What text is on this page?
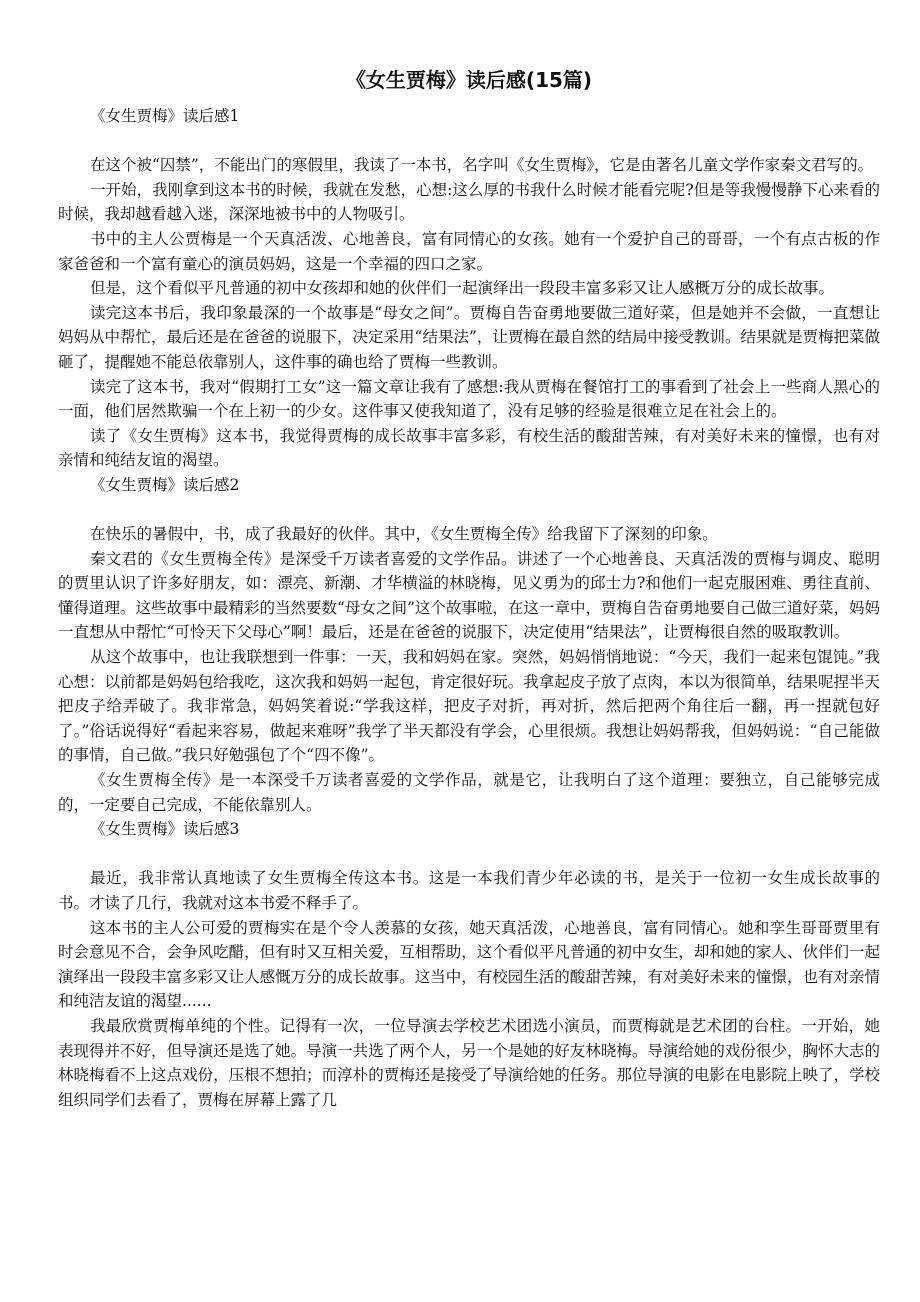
《女生贾梅》读后感(15篇)

《女生贾梅》读后感1

在这个被“囚禁”，不能出门的寒假里，我读了一本书，名字叫《女生贾梅》，它是由著名儿童文学作家秦文君写的。

一开始，我刚拿到这本书的时候，我就在发愁，心想:这么厚的书我什么时候才能看完呢?但是等我慢慢静下心来看的时候，我却越看越入迷，深深地被书中的人物吸引。

书中的主人公贾梅是一个天真活泼、心地善良，富有同情心的女孩。她有一个爱护自己的哥哥，一个有点古板的作家爸爸和一个富有童心的演员妈妈，这是一个幸福的四口之家。

但是，这个看似平凡普通的初中女孩却和她的伙伴们一起演绎出一段段丰富多彩又让人感概万分的成长故事。

读完这本书后，我印象最深的一个故事是“母女之间”。贾梅自告奋勇地要做三道好菜，但是她并不会做，一直想让妈妈从中帮忙，最后还是在爸爸的说服下，决定采用“结果法”，让贾梅在最自然的结局中接受教训。结果就是贾梅把菜做砸了，提醒她不能总依靠别人，这件事的确也给了贾梅一些教训。

读完了这本书，我对“假期打工女”这一篇文章让我有了感想:我从贾梅在餐馆打工的事看到了社会上一些商人黑心的一面，他们居然欺骗一个在上初一的少女。这件事又使我知道了，没有足够的经验是很难立足在社会上的。

读了《女生贾梅》这本书，我觉得贾梅的成长故事丰富多彩，有校生活的酸甜苦辣，有对美好未来的憧憬，也有对亲情和纯结友谊的渴望。

《女生贾梅》读后感2

在快乐的暑假中，书，成了我最好的伙伴。其中，《女生贾梅全传》给我留下了深刻的印象。

秦文君的《女生贾梅全传》是深受千万读者喜爱的文学作品。讲述了一个心地善良、天真活泼的贾梅与调皮、聪明的贾里认识了许多好朋友，如：漂亮、新潮、才华横溢的林晓梅，见义勇为的邱士力?和他们一起克服困难、勇往直前、懂得道理。这些故事中最精彩的当然要数“母女之间”这个故事啦，在这一章中，贾梅自告奋勇地要自己做三道好菜，妈妈一直想从中帮忙“可怜天下父母心”啊！最后，还是在爸爸的说服下，决定使用“结果法”，让贾梅很自然的吸取教训。

从这个故事中，也让我联想到一件事：一天，我和妈妈在家。突然，妈妈悄悄地说：“今天，我们一起来包馄饨。”我心想：以前都是妈妈包给我吃，这次我和妈妈一起包，肯定很好玩。我拿起皮子放了点肉，本以为很简单，结果呢捏半天把皮子给弄破了。我非常急，妈妈笑着说:“学我这样，把皮子对折，再对折，然后把两个角往后一翻，再一捏就包好了。”俗话说得好“看起来容易，做起来难呀”我学了半天都没有学会，心里很烦。我想让妈妈帮我，但妈妈说：“自己能做的事情，自己做。”我只好勉强包了个“四不像”。

《女生贾梅全传》是一本深受千万读者喜爱的文学作品，就是它，让我明白了这个道理：要独立，自己能够完成的，一定要自己完成，不能依靠别人。

《女生贾梅》读后感3

最近，我非常认真地读了女生贾梅全传这本书。这是一本我们青少年必读的书，是关于一位初一女生成长故事的书。才读了几行，我就对这本书爱不释手了。

这本书的主人公可爱的贾梅实在是个令人羡慕的女孩，她天真活泼，心地善良，富有同情心。她和孪生哥哥贾里有时会意见不合，会争风吃醋，但有时又互相关爱，互相帮助，这个看似平凡普通的初中女生，却和她的家人、伙伴们一起演绎出一段段丰富多彩又让人感慨万分的成长故事。这当中，有校园生活的酸甜苦辣，有对美好未来的憧憬，也有对亲情和纯洁友谊的渴望......

我最欣赏贾梅单纯的个性。记得有一次，一位导演去学校艺术团选小演员，而贾梅就是艺术团的台柱。一开始，她表现得并不好，但导演还是选了她。导演一共选了两个人，另一个是她的好友林晓梅。导演给她的戏份很少，胸怀大志的林晓梅看不上这点戏份，压根不想拍；而淳朴的贾梅还是接受了导演给她的任务。那位导演的电影在电影院上映了，学校组织同学们去看了，贾梅在屏幕上露了几
